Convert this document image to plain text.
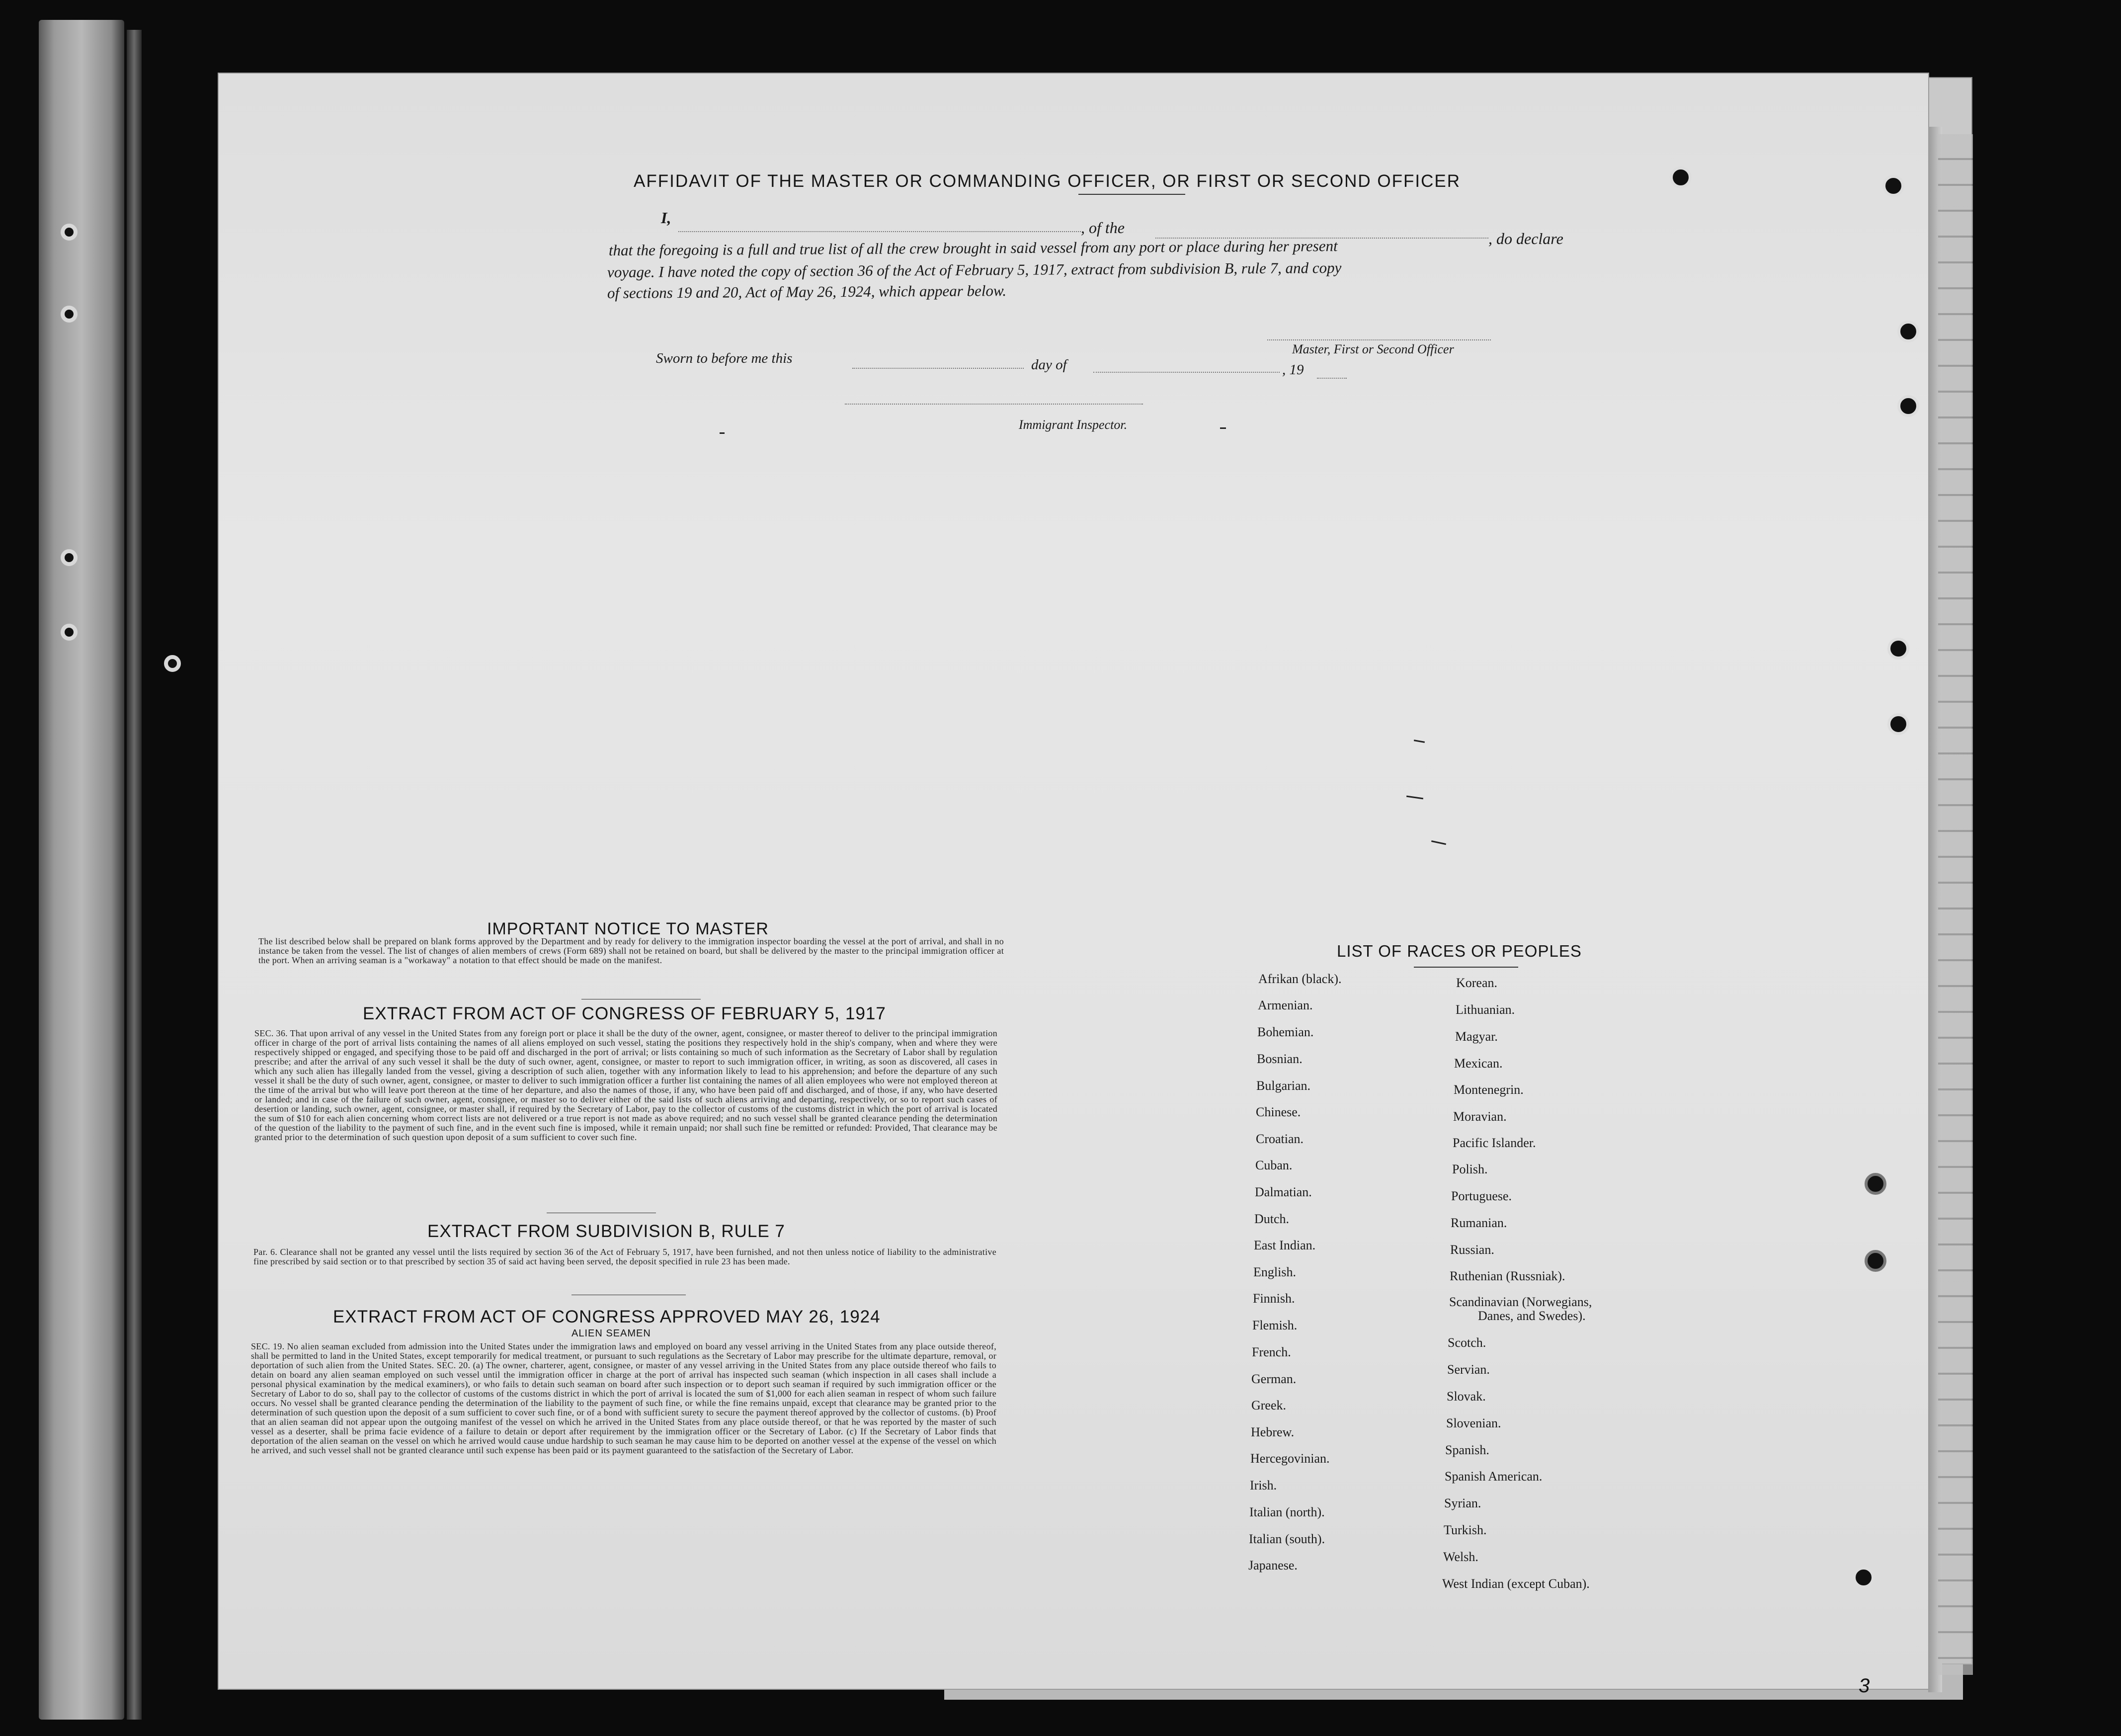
AFFIDAVIT OF THE MASTER OR COMMANDING OFFICER, OR FIRST OR SECOND OFFICER
I,
, of the
, do declare
that the foregoing is a full and true list of all the crew brought in said vessel from any port or place during her present
voyage. I have noted the copy of section 36 of the Act of February 5, 1917, extract from subdivision B, rule 7, and copy
of sections 19 and 20, Act of May 26, 1924, which appear below.
Master, First or Second Officer
Sworn to before me this	day of	, 19
Immigrant Inspector.
IMPORTANT NOTICE TO MASTER
The list described below shall be prepared on blank forms approved by the Department and by ready for delivery to the immigration inspector boarding the vessel at the port of arrival, and shall in no instance be taken from the vessel. The list of changes of alien members of crews (Form 689) shall not be retained on board, but shall be delivered by the master to the principal immigration officer at the port. When an arriving seaman is a "workaway" a notation to that effect should be made on the manifest.
EXTRACT FROM ACT OF CONGRESS OF FEBRUARY 5, 1917
SEC. 36. That upon arrival of any vessel in the United States from any foreign port or place it shall be the duty of the owner, agent, consignee, or master thereof to deliver to the principal immigration officer in charge of the port of arrival lists containing the names of all aliens employed on such vessel, stating the positions they respectively hold in the ship's company, when and where they were respectively shipped or engaged, and specifying those to be paid off and discharged in the port of arrival; or lists containing so much of such information as the Secretary of Labor shall by regulation prescribe; and after the arrival of any such vessel it shall be the duty of such owner, agent, consignee, or master to report to such immigration officer, in writing, as soon as discovered, all cases in which any such alien has illegally landed from the vessel, giving a description of such alien, together with any information likely to lead to his apprehension; and before the departure of any such vessel it shall be the duty of such owner, agent, consignee, or master to deliver to such immigration officer a further list containing the names of all alien employees who were not employed thereon at the time of the arrival but who will leave port thereon at the time of her departure, and also the names of those, if any, who have been paid off and discharged, and of those, if any, who have deserted or landed; and in case of the failure of such owner, agent, consignee, or master so to deliver either of the said lists of such aliens arriving and departing, respectively, or so to report such cases of desertion or landing, such owner, agent, consignee, or master shall, if required by the Secretary of Labor, pay to the collector of customs of the customs district in which the port of arrival is located the sum of $10 for each alien concerning whom correct lists are not delivered or a true report is not made as above required; and no such vessel shall be granted clearance pending the determination of the question of the liability to the payment of such fine, and in the event such fine is imposed, while it remain unpaid; nor shall such fine be remitted or refunded: Provided, That clearance may be granted prior to the determination of such question upon deposit of a sum sufficient to cover such fine.
EXTRACT FROM SUBDIVISION B, RULE 7
Par. 6. Clearance shall not be granted any vessel until the lists required by section 36 of the Act of February 5, 1917, have been furnished, and not then unless notice of liability to the administrative fine prescribed by said section or to that prescribed by section 35 of said act having been served, the deposit specified in rule 23 has been made.
EXTRACT FROM ACT OF CONGRESS APPROVED MAY 26, 1924
ALIEN SEAMEN
SEC. 19. No alien seaman excluded from admission into the United States under the immigration laws and employed on board any vessel arriving in the United States from any place outside thereof, shall be permitted to land in the United States, except temporarily for medical treatment, or pursuant to such regulations as the Secretary of Labor may prescribe for the ultimate departure, removal, or deportation of such alien from the United States. SEC. 20. (a) The owner, charterer, agent, consignee, or master of any vessel arriving in the United States from any place outside thereof who fails to detain on board any alien seaman employed on such vessel until the immigration officer in charge at the port of arrival has inspected such seaman (which inspection in all cases shall include a personal physical examination by the medical examiners), or who fails to detain such seaman on board after such inspection or to deport such seaman if required by such immigration officer or the Secretary of Labor to do so, shall pay to the collector of customs of the customs district in which the port of arrival is located the sum of $1,000 for each alien seaman in respect of whom such failure occurs. No vessel shall be granted clearance pending the determination of the liability to the payment of such fine, or while the fine remains unpaid, except that clearance may be granted prior to the determination of such question upon the deposit of a sum sufficient to cover such fine, or of a bond with sufficient surety to secure the payment thereof approved by the collector of customs. (b) Proof that an alien seaman did not appear upon the outgoing manifest of the vessel on which he arrived in the United States from any place outside thereof, or that he was reported by the master of such vessel as a deserter, shall be prima facie evidence of a failure to detain or deport after requirement by the immigration officer or the Secretary of Labor. (c) If the Secretary of Labor finds that deportation of the alien seaman on the vessel on which he arrived would cause undue hardship to such seaman he may cause him to be deported on another vessel at the expense of the vessel on which he arrived, and such vessel shall not be granted clearance until such expense has been paid or its payment guaranteed to the satisfaction of the Secretary of Labor.
LIST OF RACES OR PEOPLES
3
Afrikan (black).
Armenian.
Bohemian.
Bosnian.
Bulgarian.
Chinese.
Croatian.
Cuban.
Dalmatian.
Dutch.
East Indian.
English.
Finnish.
Flemish.
French.
German.
Greek.
Hebrew.
Hercegovinian.
Irish.
Italian (north).
Italian (south).
Japanese.
Korean.
Lithuanian.
Magyar.
Mexican.
Montenegrin.
Moravian.
Pacific Islander.
Polish.
Portuguese.
Rumanian.
Russian.
Ruthenian (Russniak).
Scandinavian (Norwegians,
Danes, and Swedes).
Scotch.
Servian.
Slovak.
Slovenian.
Spanish.
Spanish American.
Syrian.
Turkish.
Welsh.
West Indian (except Cuban).
